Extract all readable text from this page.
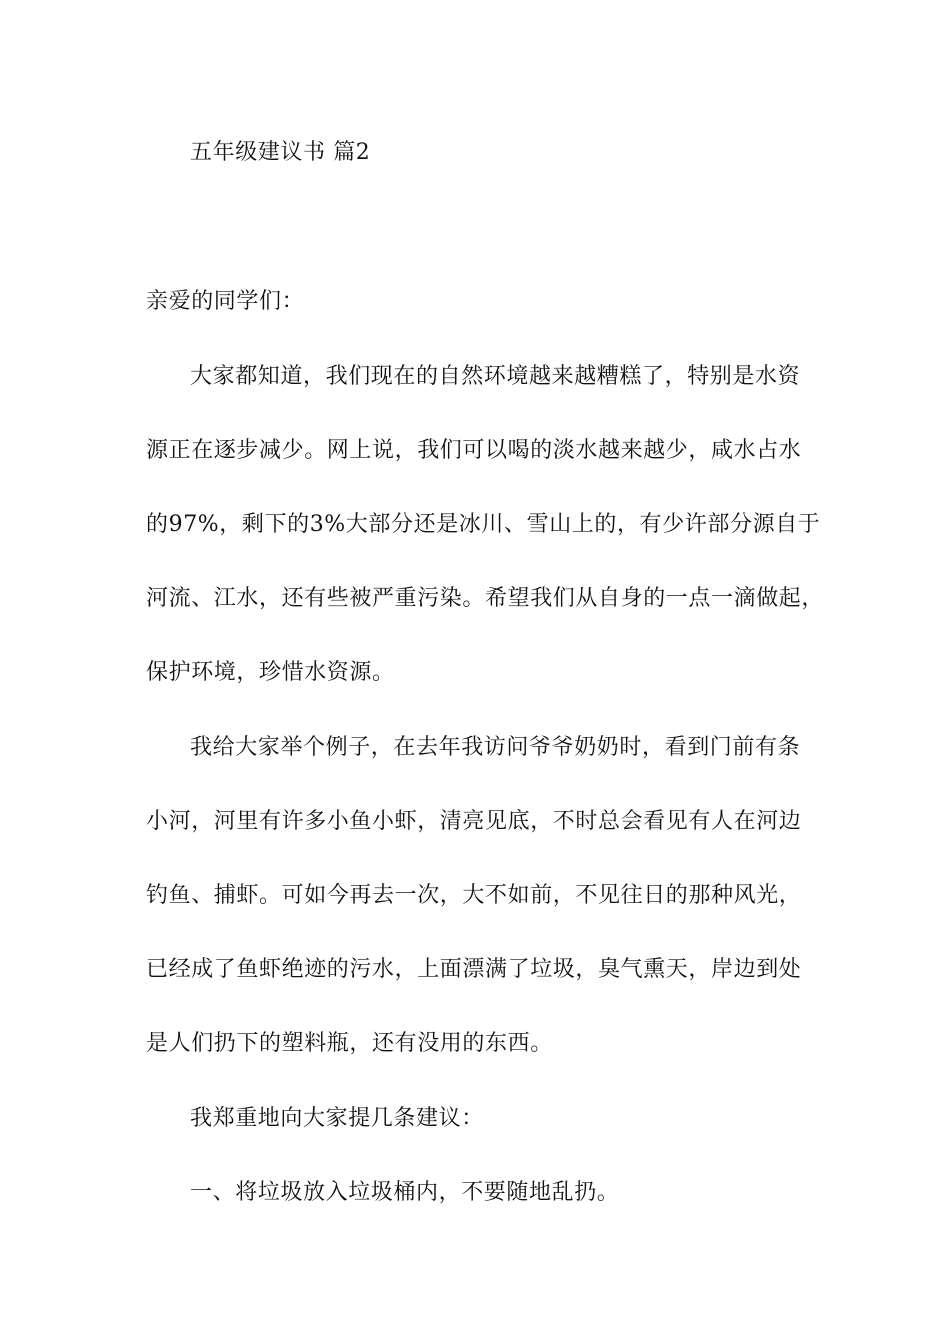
五年级建议书 篇2
亲爱的同学们：
大家都知道，我们现在的自然环境越来越糟糕了，特别是水资
源正在逐步减少。网上说，我们可以喝的淡水越来越少，咸水占水
的97%，剩下的3%大部分还是冰川、雪山上的，有少许部分源自于
河流、江水，还有些被严重污染。希望我们从自身的一点一滴做起，
保护环境，珍惜水资源。
我给大家举个例子，在去年我访问爷爷奶奶时，看到门前有条
小河，河里有许多小鱼小虾，清亮见底，不时总会看见有人在河边
钓鱼、捕虾。可如今再去一次，大不如前，不见往日的那种风光，
已经成了鱼虾绝迹的污水，上面漂满了垃圾，臭气熏天，岸边到处
是人们扔下的塑料瓶，还有没用的东西。
我郑重地向大家提几条建议：
一、将垃圾放入垃圾桶内，不要随地乱扔。
